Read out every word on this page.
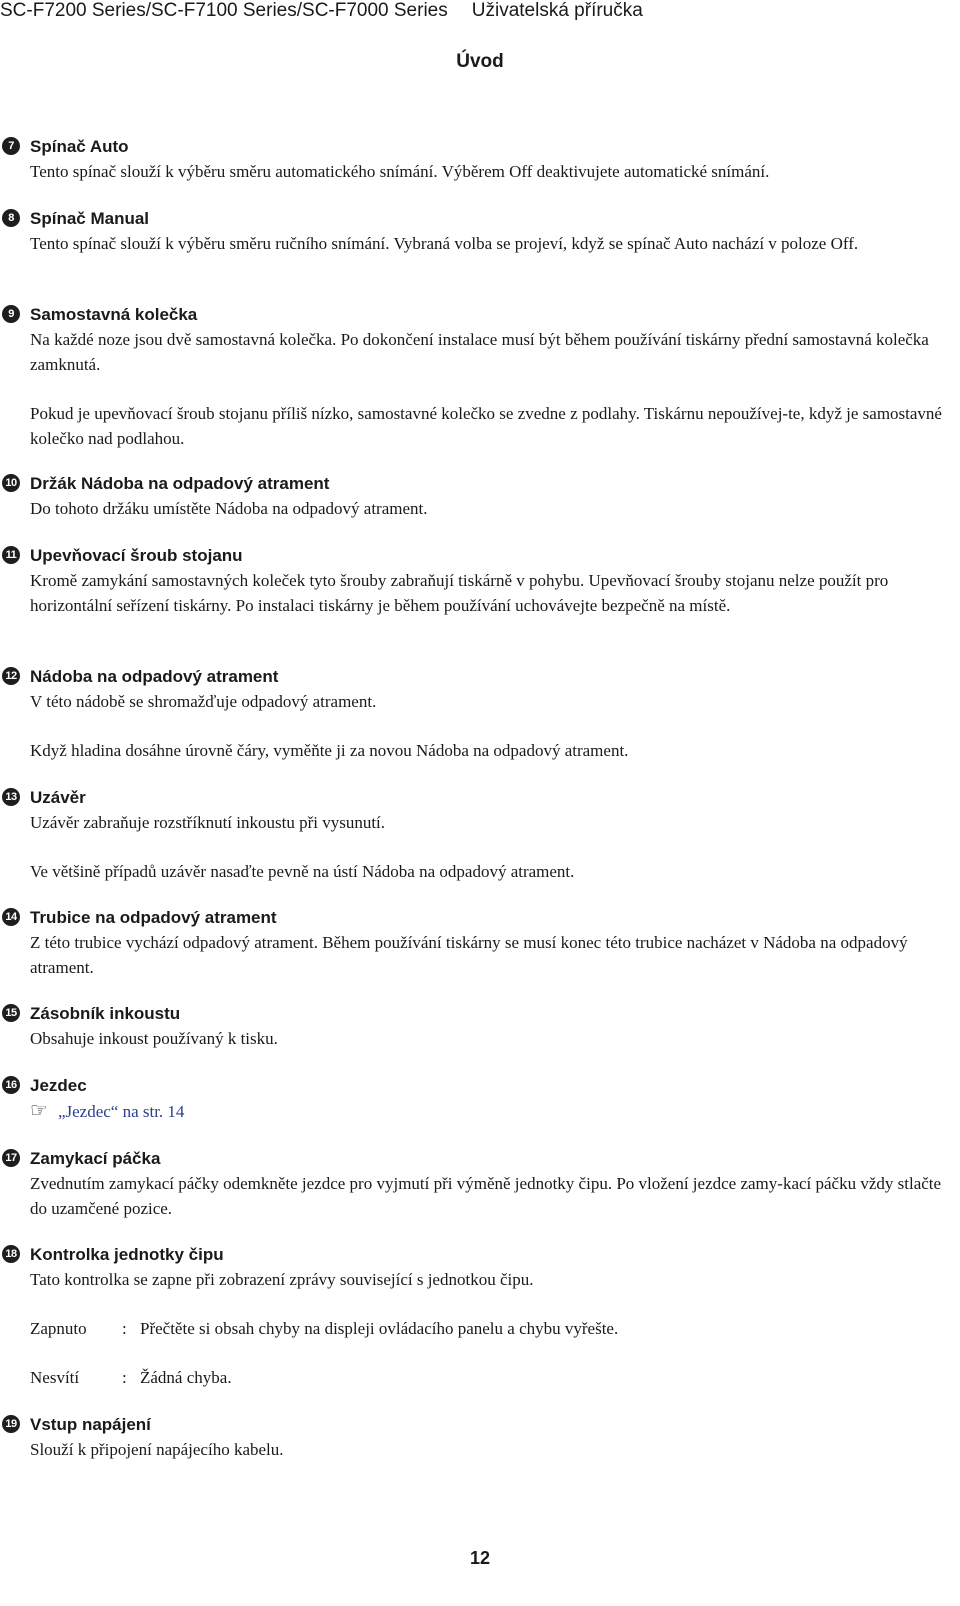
SC-F7200 Series/SC-F7100 Series/SC-F7000 Series Uživatelská příručka
Úvod
7 Spínač Auto
Tento spínač slouží k výběru směru automatického snímání. Výběrem Off deaktivujete automatické snímání.
8 Spínač Manual
Tento spínač slouží k výběru směru ručního snímání. Vybraná volba se projeví, když se spínač Auto nachází v poloze Off.
9 Samostavná kolečka
Na každé noze jsou dvě samostavná kolečka. Po dokončení instalace musí být během používání tiskárny přední samostavná kolečka zamknutá.
Pokud je upevňovací šroub stojanu příliš nízko, samostavné kolečko se zvedne z podlahy. Tiskárnu nepoužívej-te, když je samostavné kolečko nad podlahou.
10 Držák Nádoba na odpadový atrament
Do tohoto držáku umístěte Nádoba na odpadový atrament.
11 Upevňovací šroub stojanu
Kromě zamykání samostavných koleček tyto šrouby zabraňují tiskárně v pohybu. Upevňovací šrouby stojanu nelze použít pro horizontální seřízení tiskárny. Po instalaci tiskárny je během používání uchovávejte bezpečně na místě.
12 Nádoba na odpadový atrament
V této nádobě se shromažďuje odpadový atrament.
Když hladina dosáhne úrovně čáry, vyměňte ji za novou Nádoba na odpadový atrament.
13 Uzávěr
Uzávěr zabraňuje rozstříknutí inkoustu při vysunutí.
Ve většině případů uzávěr nasaďte pevně na ústí Nádoba na odpadový atrament.
14 Trubice na odpadový atrament
Z této trubice vychází odpadový atrament. Během používání tiskárny se musí konec této trubice nacházet v Nádoba na odpadový atrament.
15 Zásobník inkoustu
Obsahuje inkoust používaný k tisku.
16 Jezdec
☞ „Jezdec“ na str. 14
17 Zamykací páčka
Zvednutím zamykací páčky odemkněte jezdce pro vyjmutí při výměně jednotky čipu. Po vložení jezdce zamy-kací páčku vždy stlačte do uzamčené pozice.
18 Kontrolka jednotky čipu
Tato kontrolka se zapne při zobrazení zprávy související s jednotkou čipu.
Zapnuto	: Přečtěte si obsah chyby na displeji ovládacího panelu a chybu vyřešte.
Nesvítí	: Žádná chyba.
19 Vstup napájení
Slouží k připojení napájecího kabelu.
12
